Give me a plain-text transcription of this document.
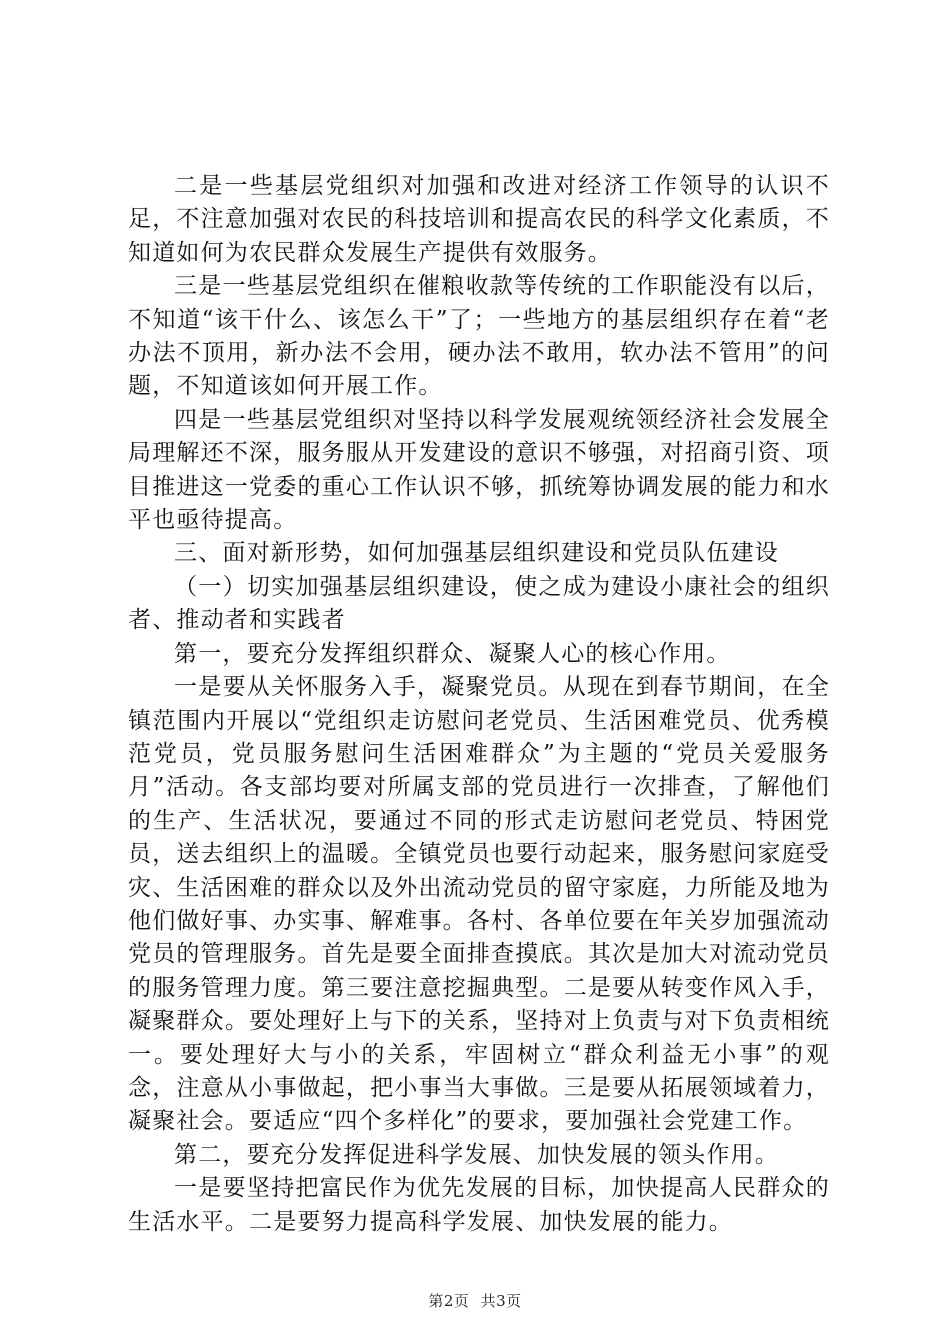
二是一些基层党组织对加强和改进对经济工作领导的认识不足，不注意加强对农民的科技培训和提高农民的科学文化素质，不知道如何为农民群众发展生产提供有效服务。

三是一些基层党组织在催粮收款等传统的工作职能没有以后，不知道“该干什么、该怎么干”了；一些地方的基层组织存在着“老办法不顶用，新办法不会用，硬办法不敢用，软办法不管用”的问题，不知道该如何开展工作。

四是一些基层党组织对坚持以科学发展观统领经济社会发展全局理解还不深，服务服从开发建设的意识不够强，对招商引资、项目推进这一党委的重心工作认识不够，抓统筹协调发展的能力和水平也亟待提高。

三、面对新形势，如何加强基层组织建设和党员队伍建设

（一）切实加强基层组织建设，使之成为建设小康社会的组织者、推动者和实践者

第一，要充分发挥组织群众、凝聚人心的核心作用。

一是要从关怀服务入手，凝聚党员。从现在到春节期间，在全镇范围内开展以“党组织走访慰问老党员、生活困难党员、优秀模范党员，党员服务慰问生活困难群众”为主题的“党员关爱服务月”活动。各支部均要对所属支部的党员进行一次排查，了解他们的生产、生活状况，要通过不同的形式走访慰问老党员、特困党员，送去组织上的温暖。全镇党员也要行动起来，服务慰问家庭受灾、生活困难的群众以及外出流动党员的留守家庭，力所能及地为他们做好事、办实事、解难事。各村、各单位要在年关岁加强流动党员的管理服务。首先是要全面排查摸底。其次是加大对流动党员的服务管理力度。第三要注意挖掘典型。二是要从转变作风入手，凝聚群众。要处理好上与下的关系，坚持对上负责与对下负责相统一。要处理好大与小的关系，牢固树立“群众利益无小事”的观念，注意从小事做起，把小事当大事做。三是要从拓展领域着力，凝聚社会。要适应“四个多样化”的要求，要加强社会党建工作。

第二，要充分发挥促进科学发展、加快发展的领头作用。

一是要坚持把富民作为优先发展的目标，加快提高人民群众的生活水平。二是要努力提高科学发展、加快发展的能力。

第2页 共3页
